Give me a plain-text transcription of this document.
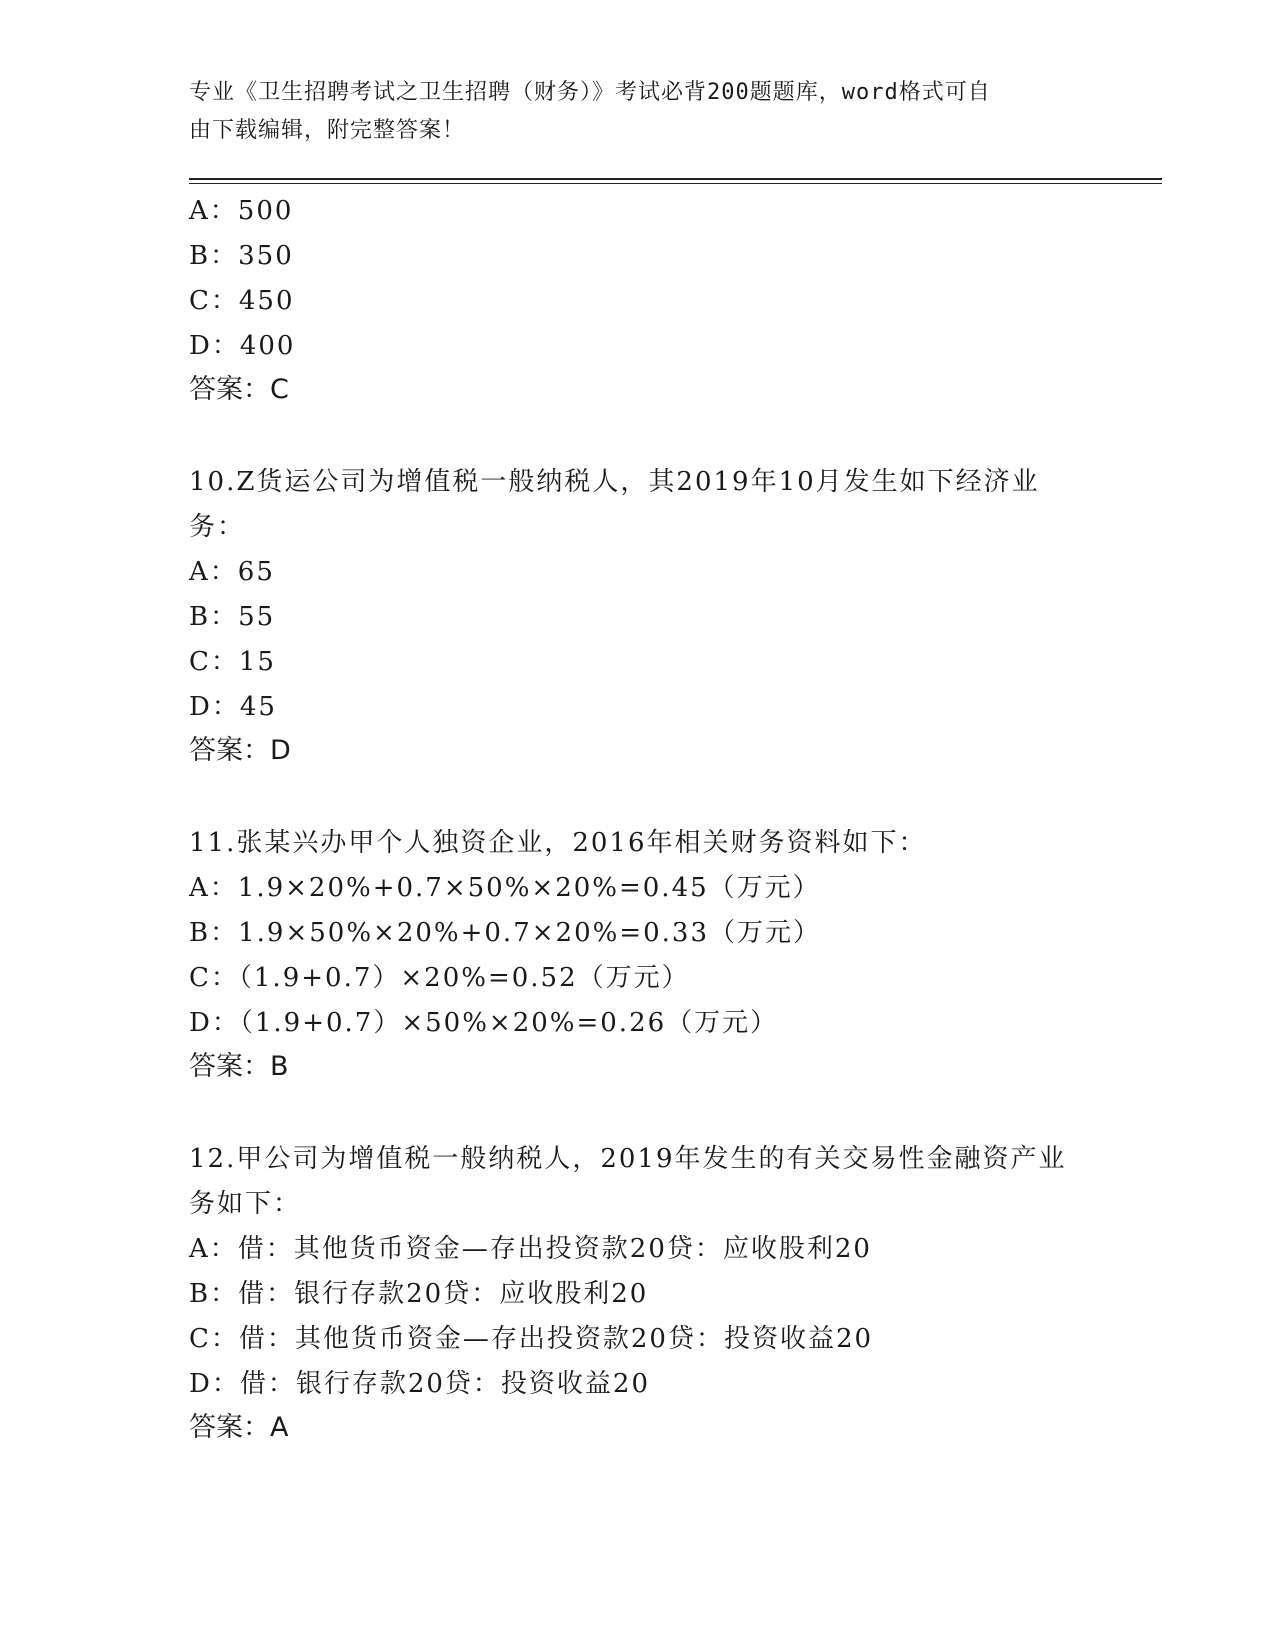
专业《卫生招聘考试之卫生招聘（财务）》考试必背200题题库，word格式可自
由下载编辑，附完整答案！
A：500
B：350
C：450
D：400
答案：C
10.Z货运公司为增值税一般纳税人，其2019年10月发生如下经济业
务：
A：65
B：55
C：15
D：45
答案：D
11.张某兴办甲个人独资企业，2016年相关财务资料如下：
A：1.9×20%+0.7×50%×20%=0.45（万元）
B：1.9×50%×20%+0.7×20%=0.33（万元）
C：（1.9+0.7）×20%=0.52（万元）
D：（1.9+0.7）×50%×20%=0.26（万元）
答案：B
12.甲公司为增值税一般纳税人，2019年发生的有关交易性金融资产业
务如下：
A：借：其他货币资金—存出投资款20贷：应收股利20
B：借：银行存款20贷：应收股利20
C：借：其他货币资金—存出投资款20贷：投资收益20
D：借：银行存款20贷：投资收益20
答案：A
